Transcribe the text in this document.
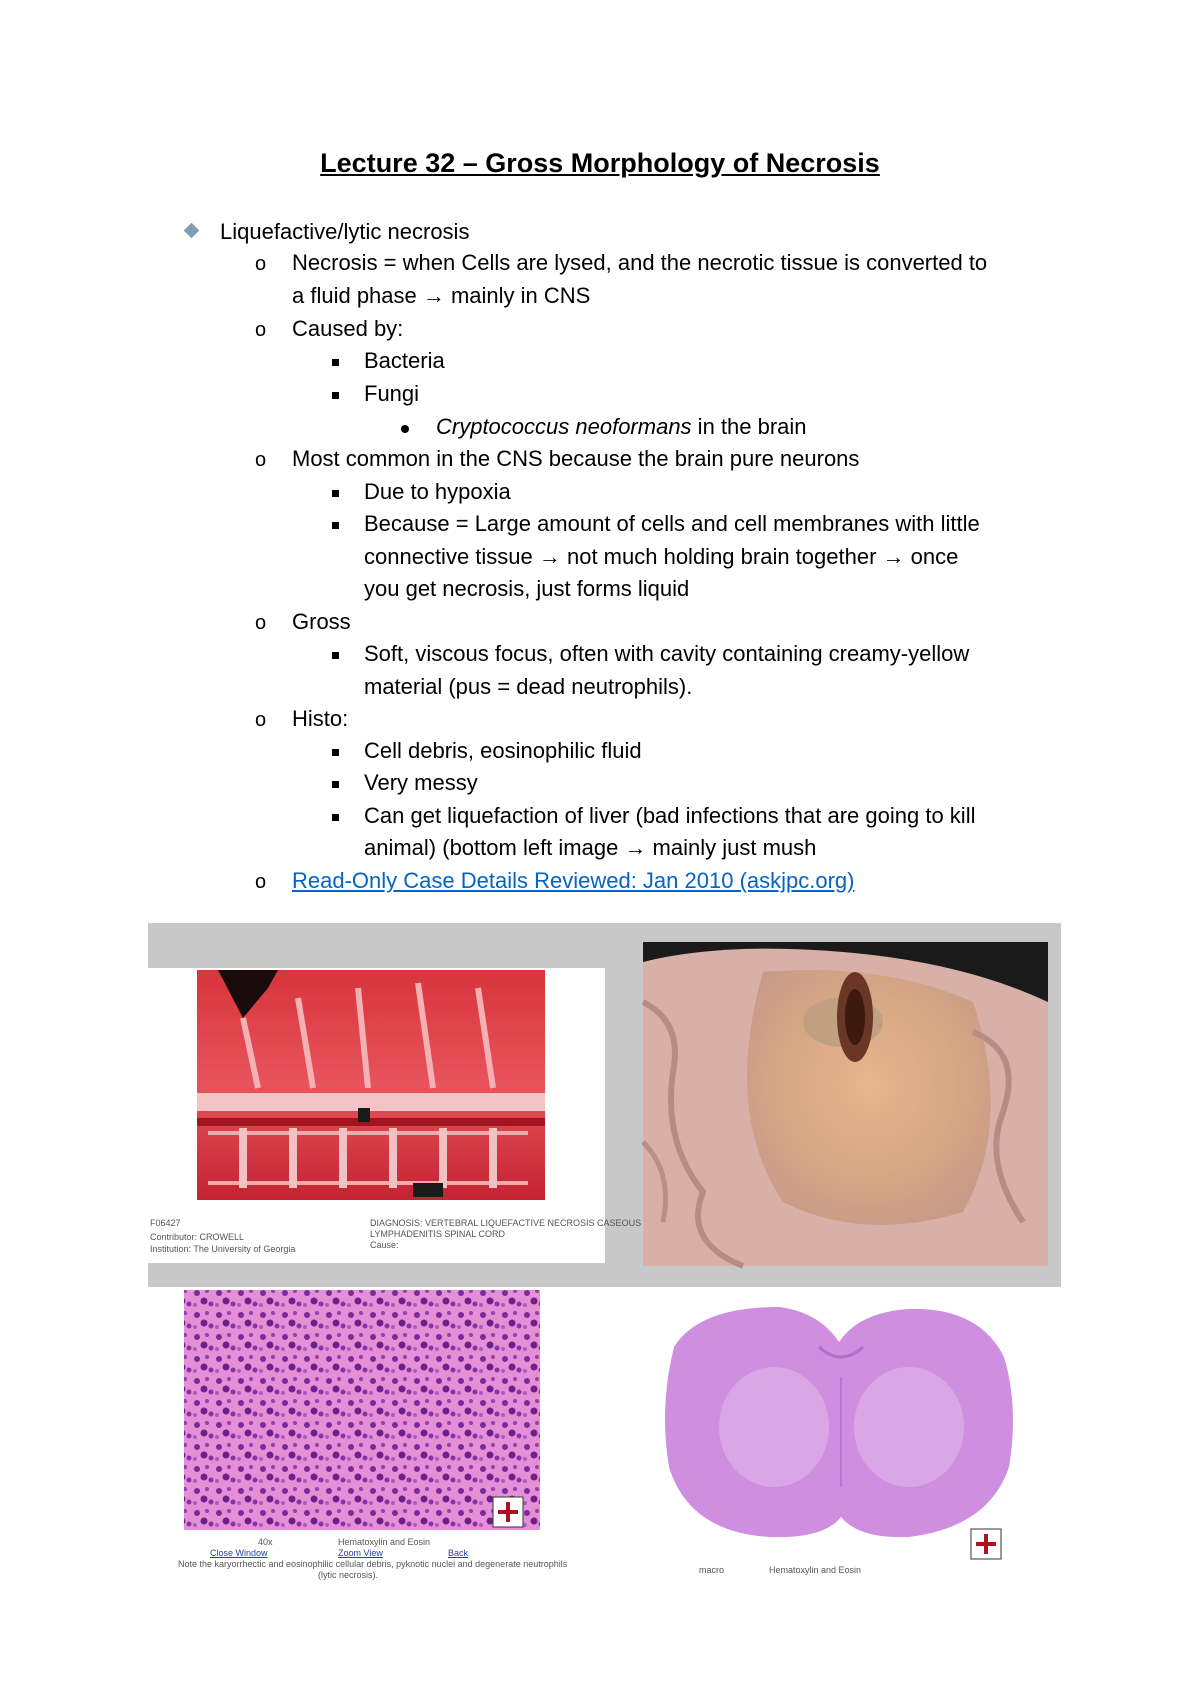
Lecture 32 – Gross Morphology of Necrosis
Liquefactive/lytic necrosis
o Necrosis = when Cells are lysed, and the necrotic tissue is converted to
a fluid phase → mainly in CNS
o Caused by:
Bacteria
Fungi
Cryptococcus neoformans in the brain
o Most common in the CNS because the brain pure neurons
Due to hypoxia
Because = Large amount of cells and cell membranes with little
connective tissue → not much holding brain together → once
you get necrosis, just forms liquid
o Gross
Soft, viscous focus, often with cavity containing creamy-yellow
material (pus = dead neutrophils).
o Histo:
Cell debris, eosinophilic fluid
Very messy
Can get liquefaction of liver (bad infections that are going to kill
animal) (bottom left image → mainly just mush
o Read-Only Case Details Reviewed: Jan 2010 (askjpc.org)
F06427
Contributor: CROWELL
Institution: The University of Georgia
DIAGNOSIS: VERTEBRAL LIQUEFACTIVE NECROSIS CASEOUS
LYMPHADENITIS SPINAL CORD
Cause:
40x	Hematoxylin and Eosin
Close Window	Zoom View	Back
Note the karyorrhectic and eosinophilic cellular debris, pyknotic nuclei and degenerate neutrophils
(lytic necrosis).	macro	Hematoxylin and Eosin
